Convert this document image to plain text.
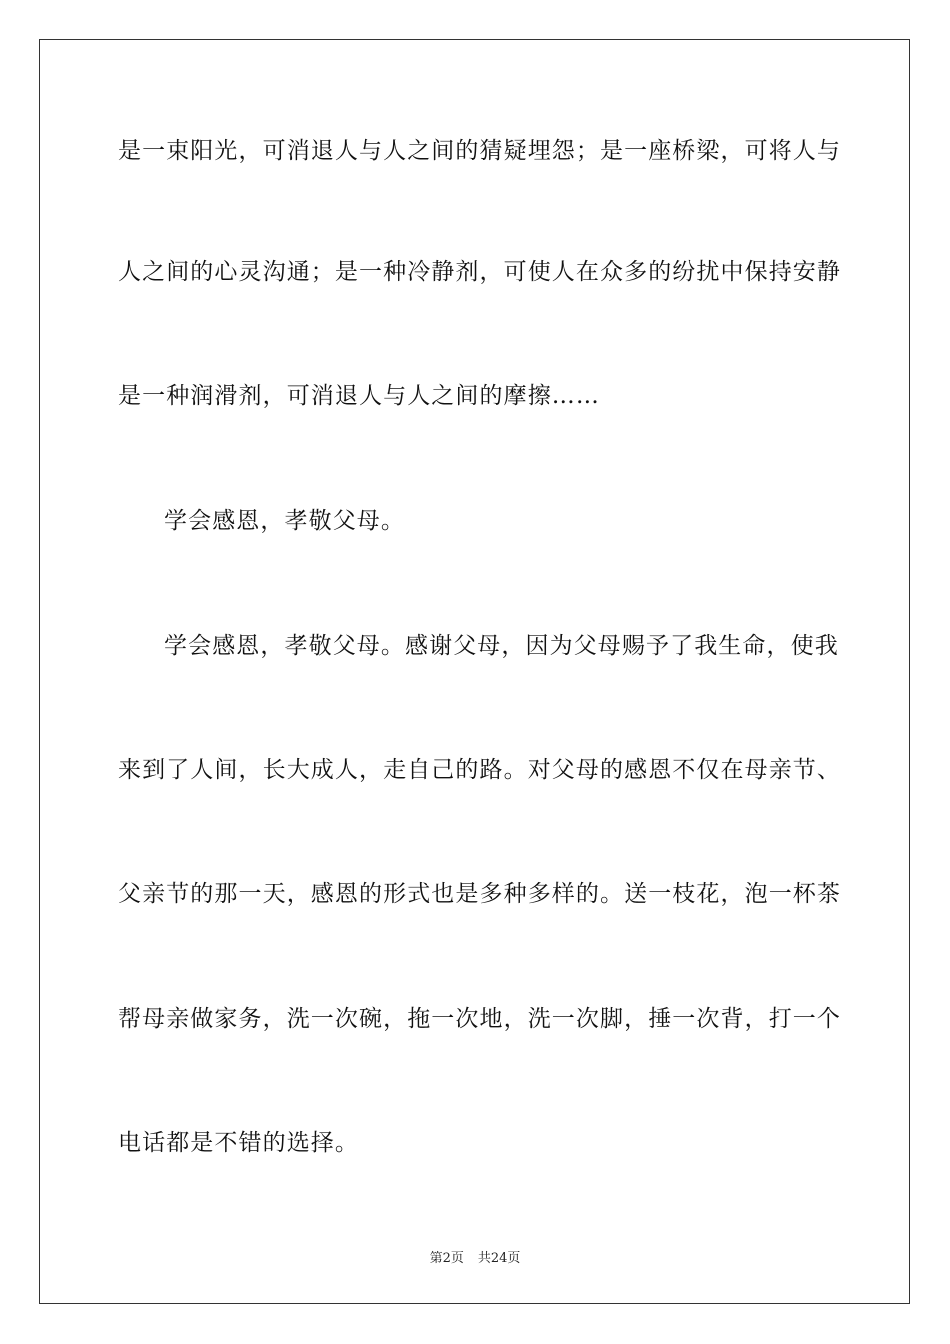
是一束阳光，可消退人与人之间的猜疑埋怨；是一座桥梁，可将人与
人之间的心灵沟通；是一种冷静剂，可使人在众多的纷扰中保持安静
是一种润滑剂，可消退人与人之间的摩擦……
学会感恩，孝敬父母。
学会感恩，孝敬父母。感谢父母，因为父母赐予了我生命，使我
来到了人间，长大成人，走自己的路。对父母的感恩不仅在母亲节、
父亲节的那一天，感恩的形式也是多种多样的。送一枝花，泡一杯茶
帮母亲做家务，洗一次碗，拖一次地，洗一次脚，捶一次背，打一个
电话都是不错的选择。
第2页 共24页
